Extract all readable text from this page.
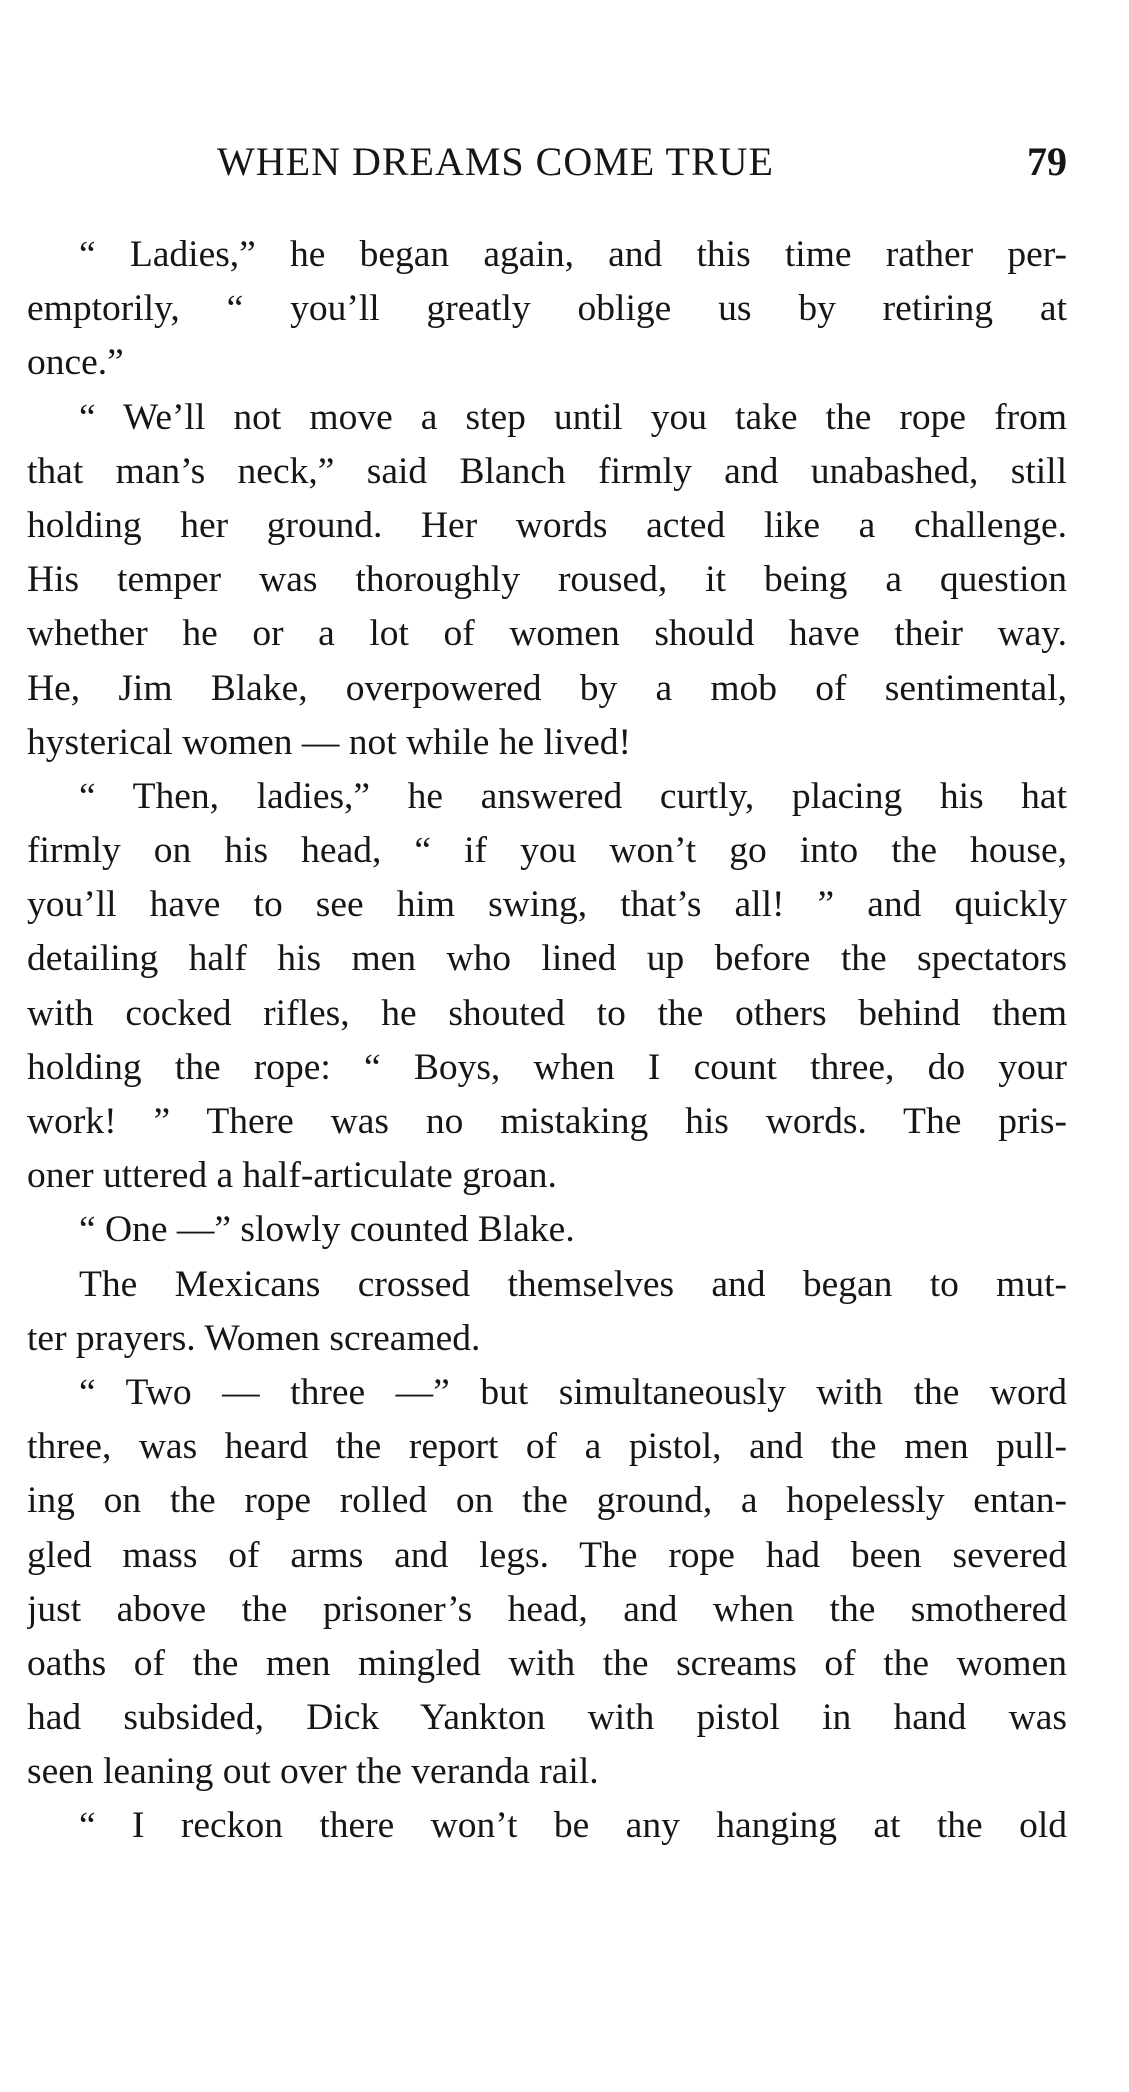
WHEN DREAMS COME TRUE	79
“ Ladies,” he began again, and this time rather per-
emptorily, “ you’ll greatly oblige us by retiring at
once.”
“ We’ll not move a step until you take the rope from
that man’s neck,” said Blanch firmly and unabashed, still
holding her ground. Her words acted like a challenge.
His temper was thoroughly roused, it being a question
whether he or a lot of women should have their way.
He, Jim Blake, overpowered by a mob of sentimental,
hysterical women — not while he lived!
“ Then, ladies,” he answered curtly, placing his hat
firmly on his head, “ if you won’t go into the house,
you’ll have to see him swing, that’s all! ” and quickly
detailing half his men who lined up before the spectators
with cocked rifles, he shouted to the others behind them
holding the rope: “ Boys, when I count three, do your
work! ” There was no mistaking his words. The pris-
oner uttered a half-articulate groan.
“ One —” slowly counted Blake.
The Mexicans crossed themselves and began to mut-
ter prayers. Women screamed.
“ Two — three —” but simultaneously with the word
three, was heard the report of a pistol, and the men pull-
ing on the rope rolled on the ground, a hopelessly entan-
gled mass of arms and legs. The rope had been severed
just above the prisoner’s head, and when the smothered
oaths of the men mingled with the screams of the women
had subsided, Dick Yankton with pistol in hand was
seen leaning out over the veranda rail.
“ I reckon there won’t be any hanging at the old
